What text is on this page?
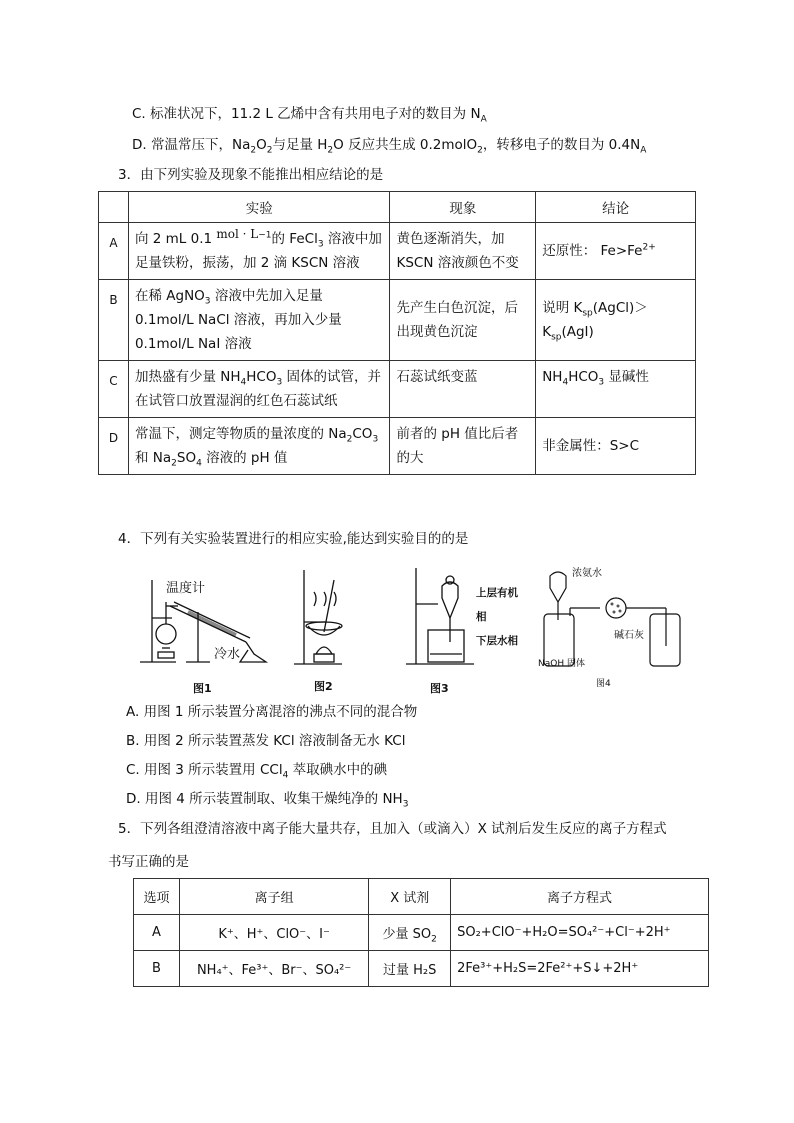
C. 标准状况下，11.2 L 乙烯中含有共用电子对的数目为 $N_A$
D. 常温常压下，$Na_2O_2$与足量 $H_2O$ 反应共生成 0.2molO$_2$，转移电子的数目为 $0.4N_A$
3．由下列实验及现象不能推出相应结论的是
	实验	现象	结论
A	向 2 mL 0.1 mol · $L^{-1}$的 FeCl$_3$ 溶液中加足量铁粉，振荡，加 2 滴 KSCN 溶液	黄色逐渐消失，加 KSCN 溶液颜色不变	还原性： $Fe>Fe^{2+}$
B	在稀 AgNO$_3$ 溶液中先加入足量 0.1mol/L NaCl 溶液，再加入少量 0.1mol/L NaI 溶液	先产生白色沉淀，后出现黄色沉淀	说明 $K_{sp}(AgCl)>K_{sp}(AgI)$
C	加热盛有少量 $NH_4HCO_3$ 固体的试管，并在试管口放置湿润的红色石蕊试纸	石蕊试纸变蓝	$NH_4HCO_3$ 显碱性
D	常温下，测定等物质的量浓度的 $Na_2CO_3$ 和 $Na_2SO_4$ 溶液的 pH 值	前者的 pH 值比后者的大	非金属性：S>C
4．下列有关实验装置进行的相应实验,能达到实验目的的是
温度计
冷水
图1	图2
上层有机
相
下层水相
图3
浓氨水
碱石灰
NaOH 固体
图4
A. 用图 1 所示装置分离混溶的沸点不同的混合物
B. 用图 2 所示装置蒸发 KCl 溶液制备无水 KCl
C. 用图 3 所示装置用 CCl$_4$ 萃取碘水中的碘
D. 用图 4 所示装置制取、收集干燥纯净的 $NH_3$
5．下列各组澄清溶液中离子能大量共存，且加入（或滴入）X 试剂后发生反应的离子方程式
书写正确的是
选项	离子组	X 试剂	离子方程式
A	K⁺、H⁺、ClO⁻、I⁻	少量 $SO_2$	SO₂+ClO⁻+H₂O=SO₄²⁻+Cl⁻+2H⁺
B	NH₄⁺、Fe³⁺、Br⁻、SO₄²⁻	过量 H₂S	2Fe³⁺+H₂S=2Fe²⁺+S↓+2H⁺
